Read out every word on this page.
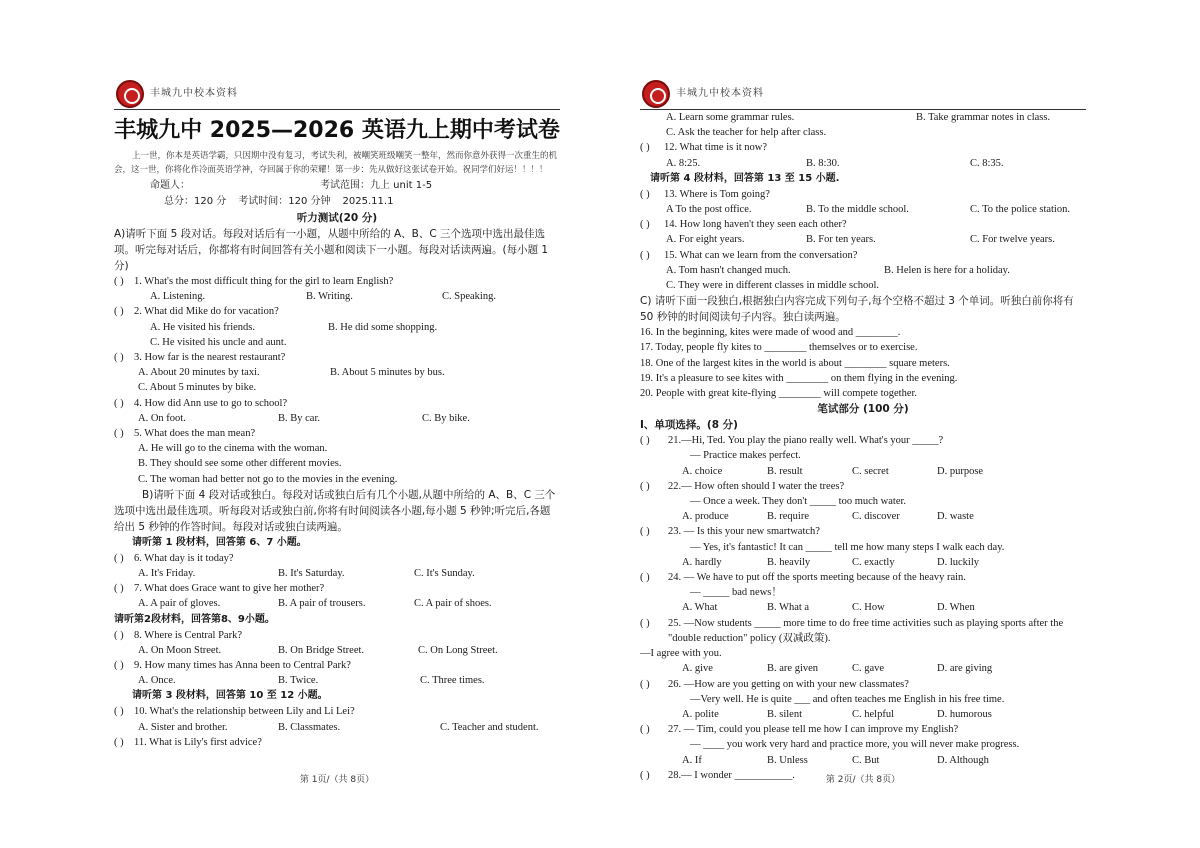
丰城九中校本资料
丰城九中 2025—2026 英语九上期中考试卷
上一世，你本是英语学霸，只因期中没有复习，考试失利，被嘲笑班级嘲笑一整年，然而你意外获得一次重生的机会，这一世，你将化作冷面英语学神，夺回属于你的荣耀！第一步：先从做好这张试卷开始。祝同学们好运！！！！
命题人：	考试范围：九上 unit 1-5
总分：120 分 考试时间：120 分钟 2025.11.1
听力测试(20 分)
A)请听下面 5 段对话。每段对话后有一小题，从题中所给的 A、B、C 三个选项中选出最佳选项。听完每对话后，你都将有时间回答有关小题和阅读下一小题。每段对话读两遍。(每小题 1 分)
( ) 1. What's the most difficult thing for the girl to learn English?
A. Listening.	B. Writing.	C. Speaking.
( ) 2. What did Mike do for vacation?
A. He visited his friends.	B. He did some shopping.
C. He visited his uncle and aunt.
( ) 3. How far is the nearest restaurant?
A. About 20 minutes by taxi.	B. About 5 minutes by bus.
C. About 5 minutes by bike.
( ) 4. How did Ann use to go to school?
A. On foot.	B. By car.	C. By bike.
( ) 5. What does the man mean?
A. He will go to the cinema with the woman.
B. They should see some other different movies.
C. The woman had better not go to the movies in the evening.
B)请听下面 4 段对话或独白。每段对话或独白后有几个小题,从题中所给的 A、B、C 三个选项中选出最佳选项。听每段对话或独白前,你将有时间阅读各小题,每小题 5 秒钟;听完后,各题给出 5 秒钟的作答时间。每段对话或独白读两遍。
请听第 1 段材料，回答第 6、7 小题。
( ) 6. What day is it today?
A. It's Friday.	B. It's Saturday.	C. It's Sunday.
( ) 7. What does Grace want to give her mother?
A. A pair of gloves.	B. A pair of trousers.	C. A pair of shoes.
请听第2段材料，回答第8、9小题。
( ) 8. Where is Central Park?
A. On Moon Street.	B. On Bridge Street.	C. On Long Street.
( ) 9. How many times has Anna been to Central Park?
A. Once.	B. Twice.	C. Three times.
请听第 3 段材料，回答第 10 至 12 小题。
( ) 10. What's the relationship between Lily and Li Lei?
A. Sister and brother.	B. Classmates.	C. Teacher and student.
( ) 11. What is Lily's first advice?
第 1页/（共 8页）
丰城九中校本资料
A. Learn some grammar rules.	B. Take grammar notes in class.
C. Ask the teacher for help after class.
( )	12. What time is it now?
A. 8:25.	B. 8:30.	C. 8:35.
请听第 4 段材料，回答第 13 至 15 小题.
( )	13. Where is Tom going?
A To the post office.	B. To the middle school.	C. To the police station.
( )	14. How long haven't they seen each other?
A. For eight years.	B. For ten years.	C. For twelve years.
( )	15. What can we learn from the conversation?
A. Tom hasn't changed much.	B. Helen is here for a holiday.
C. They were in different classes in middle school.
C) 请听下面一段独白,根据独白内容完成下列句子,每个空格不超过 3 个单词。听独白前你将有 50 秒钟的时间阅读句子内容。独白读两遍。
16. In the beginning, kites were made of wood and ________.
17. Today, people fly kites to ________ themselves or to exercise.
18. One of the largest kites in the world is about ________ square meters.
19. It's a pleasure to see kites with ________ on them flying in the evening.
20. People with great kite-flying ________ will compete together.
笔试部分 (100 分)
I、单项选择。(8 分)
( )	21.—Hi, Ted. You play the piano really well. What's your _____?
— Practice makes perfect.
A. choice	B. result	C. secret	D. purpose
( )	22.— How often should I water the trees?
— Once a week. They don't _____ too much water.
A. produce	B. require	C. discover	D. waste
( )	23. — Is this your new smartwatch?
— Yes, it's fantastic! It can _____ tell me how many steps I walk each day.
A. hardly	B. heavily	C. exactly	D. luckily
( )	24. — We have to put off the sports meeting because of the heavy rain.
— _____ bad news！
A. What	B. What a	C. How	D. When
( )	25. —Now students _____ more time to do free time activities such as playing sports after the "double reduction" policy (双减政策).
—I agree with you.
A. give	B. are given	C. gave	D. are giving
( )	26. —How are you getting on with your new classmates?
—Very well. He is quite ___ and often teaches me English in his free time.
A. polite	B. silent	C. helpful	D. humorous
( )	27. — Tim, could you please tell me how I can improve my English?
— ____ you work very hard and practice more, you will never make progress.
A. If	B. Unless	C. But	D. Although
( )	28.— I wonder ___________.	第 2页/（共 8页）
